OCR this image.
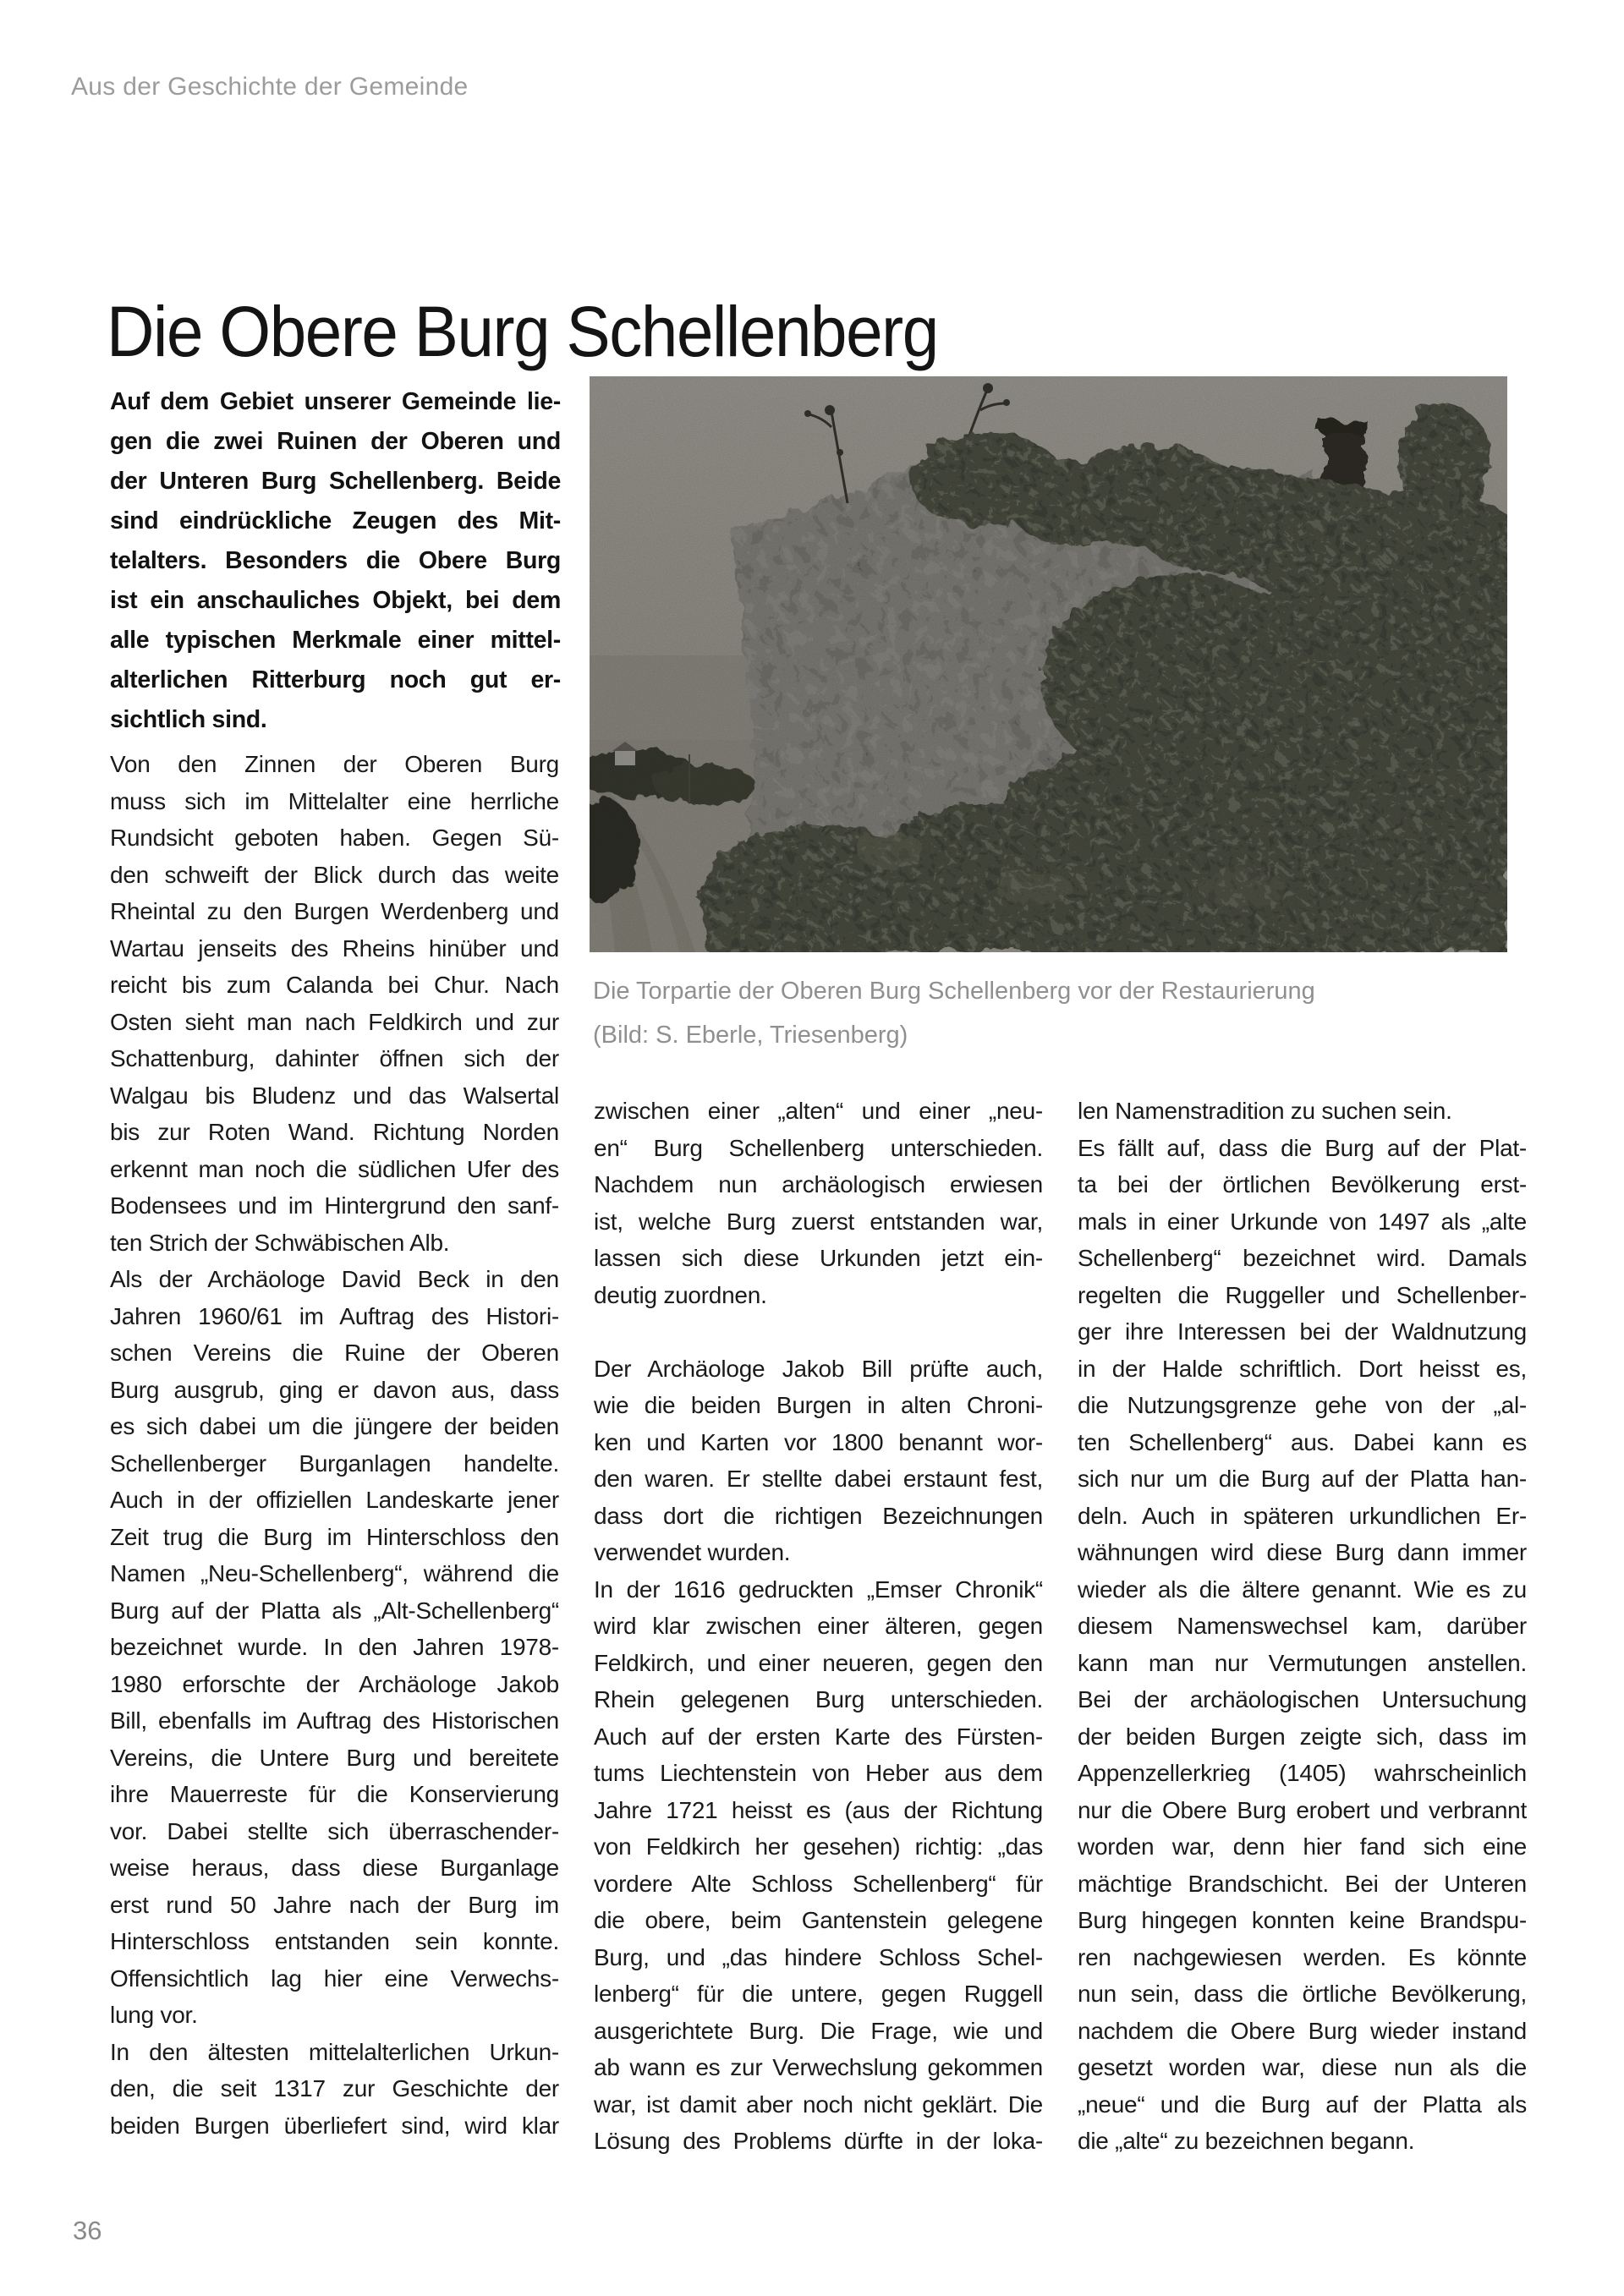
Aus der Geschichte der Gemeinde
Die Obere Burg Schellenberg
Auf dem Gebiet unserer Gemeinde lie-
gen die zwei Ruinen der Oberen und
der Unteren Burg Schellenberg. Beide
sind eindrückliche Zeugen des Mit-
telalters. Besonders die Obere Burg
ist ein anschauliches Objekt, bei dem
alle typischen Merkmale einer mittel-
alterlichen Ritterburg noch gut er-
sichtlich sind.
Die Torpartie der Oberen Burg Schellenberg vor der Restaurierung
(Bild: S. Eberle, Triesenberg)
Von den Zinnen der Oberen Burg
muss sich im Mittelalter eine herrliche
Rundsicht geboten haben. Gegen Sü-
den schweift der Blick durch das weite
Rheintal zu den Burgen Werdenberg und
Wartau jenseits des Rheins hinüber und
reicht bis zum Calanda bei Chur. Nach
Osten sieht man nach Feldkirch und zur
Schattenburg, dahinter öffnen sich der
Walgau bis Bludenz und das Walsertal
bis zur Roten Wand. Richtung Norden
erkennt man noch die südlichen Ufer des
Bodensees und im Hintergrund den sanf-
ten Strich der Schwäbischen Alb.
Als der Archäologe David Beck in den
Jahren 1960/61 im Auftrag des Histori-
schen Vereins die Ruine der Oberen
Burg ausgrub, ging er davon aus, dass
es sich dabei um die jüngere der beiden
Schellenberger Burganlagen handelte.
Auch in der offiziellen Landeskarte jener
Zeit trug die Burg im Hinterschloss den
Namen „Neu-Schellenberg“, während die
Burg auf der Platta als „Alt-Schellenberg“
bezeichnet wurde. In den Jahren 1978-
1980 erforschte der Archäologe Jakob
Bill, ebenfalls im Auftrag des Historischen
Vereins, die Untere Burg und bereitete
ihre Mauerreste für die Konservierung
vor. Dabei stellte sich überraschender-
weise heraus, dass diese Burganlage
erst rund 50 Jahre nach der Burg im
Hinterschloss entstanden sein konnte.
Offensichtlich lag hier eine Verwechs-
lung vor.
In den ältesten mittelalterlichen Urkun-
den, die seit 1317 zur Geschichte der
beiden Burgen überliefert sind, wird klar
zwischen einer „alten“ und einer „neu-
en“ Burg Schellenberg unterschieden.
Nachdem nun archäologisch erwiesen
ist, welche Burg zuerst entstanden war,
lassen sich diese Urkunden jetzt ein-
deutig zuordnen.
Der Archäologe Jakob Bill prüfte auch,
wie die beiden Burgen in alten Chroni-
ken und Karten vor 1800 benannt wor-
den waren. Er stellte dabei erstaunt fest,
dass dort die richtigen Bezeichnungen
verwendet wurden.
In der 1616 gedruckten „Emser Chronik“
wird klar zwischen einer älteren, gegen
Feldkirch, und einer neueren, gegen den
Rhein gelegenen Burg unterschieden.
Auch auf der ersten Karte des Fürsten-
tums Liechtenstein von Heber aus dem
Jahre 1721 heisst es (aus der Richtung
von Feldkirch her gesehen) richtig: „das
vordere Alte Schloss Schellenberg“ für
die obere, beim Gantenstein gelegene
Burg, und „das hindere Schloss Schel-
lenberg“ für die untere, gegen Ruggell
ausgerichtete Burg. Die Frage, wie und
ab wann es zur Verwechslung gekommen
war, ist damit aber noch nicht geklärt. Die
Lösung des Problems dürfte in der loka-
len Namenstradition zu suchen sein.
Es fällt auf, dass die Burg auf der Plat-
ta bei der örtlichen Bevölkerung erst-
mals in einer Urkunde von 1497 als „alte
Schellenberg“ bezeichnet wird. Damals
regelten die Ruggeller und Schellenber-
ger ihre Interessen bei der Waldnutzung
in der Halde schriftlich. Dort heisst es,
die Nutzungsgrenze gehe von der „al-
ten Schellenberg“ aus. Dabei kann es
sich nur um die Burg auf der Platta han-
deln. Auch in späteren urkundlichen Er-
wähnungen wird diese Burg dann immer
wieder als die ältere genannt. Wie es zu
diesem Namenswechsel kam, darüber
kann man nur Vermutungen anstellen.
Bei der archäologischen Untersuchung
der beiden Burgen zeigte sich, dass im
Appenzellerkrieg (1405) wahrscheinlich
nur die Obere Burg erobert und verbrannt
worden war, denn hier fand sich eine
mächtige Brandschicht. Bei der Unteren
Burg hingegen konnten keine Brandspu-
ren nachgewiesen werden. Es könnte
nun sein, dass die örtliche Bevölkerung,
nachdem die Obere Burg wieder instand
gesetzt worden war, diese nun als die
„neue“ und die Burg auf der Platta als
die „alte“ zu bezeichnen begann.
36
